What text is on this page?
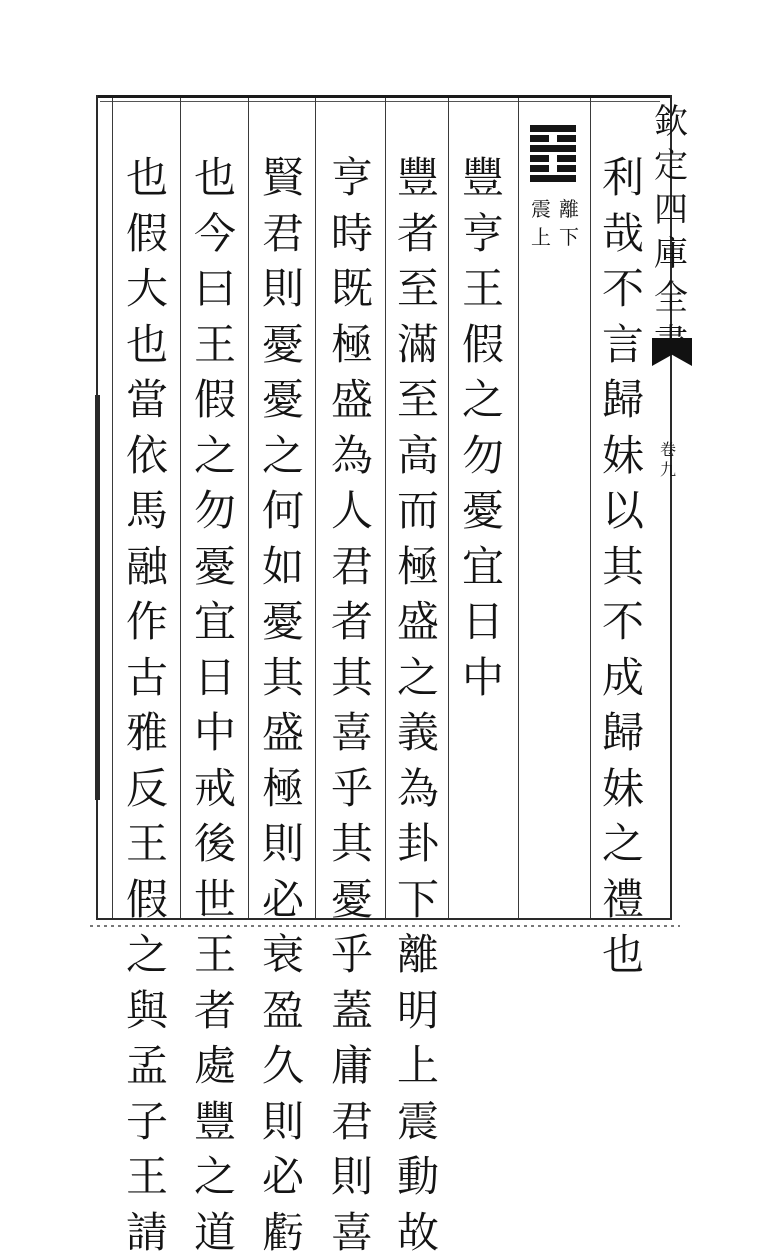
欽
定
四
庫
全
卷
九
離
下
震
上
利
哉
不
言
歸
妹
以
其
不
成
歸
妹
之
禮
也
豐
亨
王
假
之
勿
憂
宜
日
中
豐
者
至
滿
至
高
而
極
盛
之
義
為
卦
下
離
明
上
震
動
故
亨
時
既
極
盛
為
人
君
者
其
喜
乎
其
憂
乎
蓋
庸
君
則
喜
賢
君
則
憂
憂
之
何
如
憂
其
盛
極
則
必
衰
盈
久
則
必
虧
也
今
曰
王
假
之
勿
憂
宜
日
中
戒
後
世
王
者
處
豐
之
道
也
假
大
也
當
依
馬
融
作
古
雅
反
王
假
之
與
孟
子
王
請
